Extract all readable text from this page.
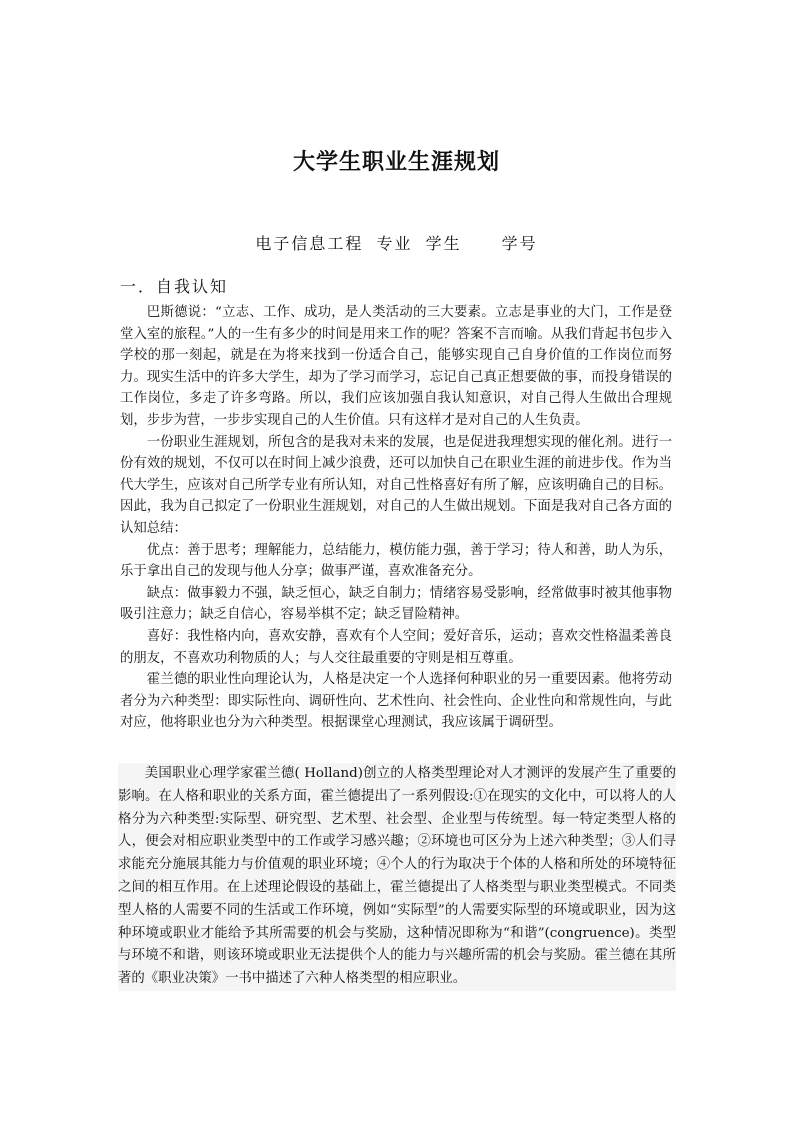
大学生职业生涯规划
电子信息工程 专业 学生	学号
一．自我认知

巴斯德说：“立志、工作、成功，是人类活动的三大要素。立志是事业的大门，工作是登堂入室的旅程。”人的一生有多少的时间是用来工作的呢？答案不言而喻。从我们背起书包步入学校的那一刻起，就是在为将来找到一份适合自己，能够实现自己自身价值的工作岗位而努力。现实生活中的许多大学生，却为了学习而学习，忘记自己真正想要做的事，而投身错误的工作岗位，多走了许多弯路。所以，我们应该加强自我认知意识，对自己得人生做出合理规划，步步为营，一步步实现自己的人生价值。只有这样才是对自己的人生负责。

一份职业生涯规划，所包含的是我对未来的发展，也是促进我理想实现的催化剂。进行一份有效的规划，不仅可以在时间上减少浪费，还可以加快自己在职业生涯的前进步伐。作为当代大学生，应该对自己所学专业有所认知，对自己性格喜好有所了解，应该明确自己的目标。因此，我为自己拟定了一份职业生涯规划，对自己的人生做出规划。下面是我对自己各方面的认知总结：

优点：善于思考；理解能力，总结能力，模仿能力强，善于学习；待人和善，助人为乐，乐于拿出自己的发现与他人分享；做事严谨，喜欢准备充分。

缺点：做事毅力不强，缺乏恒心，缺乏自制力；情绪容易受影响，经常做事时被其他事物吸引注意力；缺乏自信心，容易举棋不定；缺乏冒险精神。

喜好：我性格内向，喜欢安静，喜欢有个人空间；爱好音乐，运动；喜欢交性格温柔善良的朋友，不喜欢功利物质的人；与人交往最重要的守则是相互尊重。

霍兰德的职业性向理论认为，人格是决定一个人选择何种职业的另一重要因素。他将劳动者分为六种类型：即实际性向、调研性向、艺术性向、社会性向、企业性向和常规性向，与此对应，他将职业也分为六种类型。根据课堂心理测试，我应该属于调研型。

美国职业心理学家霍兰德( Holland)创立的人格类型理论对人才测评的发展产生了重要的影响。在人格和职业的关系方面，霍兰德提出了一系列假设:①在现实的文化中，可以将人的人格分为六种类型:实际型、研究型、艺术型、社会型、企业型与传统型。每一特定类型人格的人，便会对相应职业类型中的工作或学习感兴趣；②环境也可区分为上述六种类型；③人们寻求能充分施展其能力与价值观的职业环境；④个人的行为取决于个体的人格和所处的环境特征之间的相互作用。在上述理论假设的基础上，霍兰德提出了人格类型与职业类型模式。不同类型人格的人需要不同的生活或工作环境，例如“实际型”的人需要实际型的环境或职业，因为这种环境或职业才能给予其所需要的机会与奖励，这种情况即称为“和谐”(congruence)。类型与环境不和谐，则该环境或职业无法提供个人的能力与兴趣所需的机会与奖励。霍兰德在其所著的《职业决策》一书中描述了六种人格类型的相应职业。
